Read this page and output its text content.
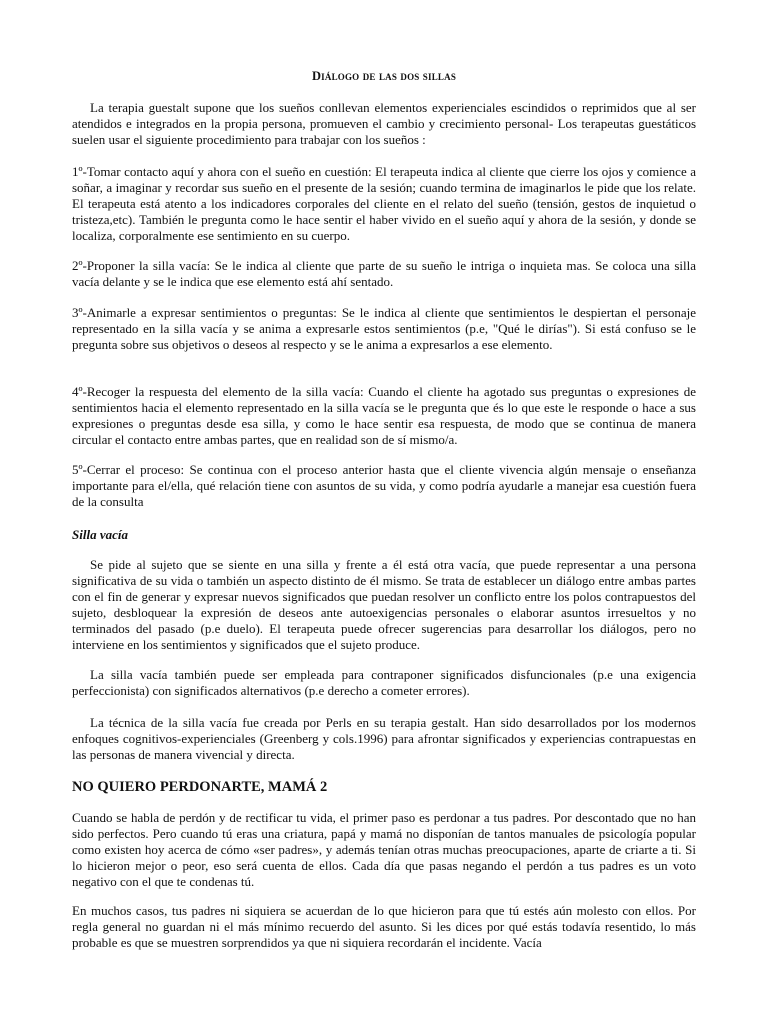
Diálogo de las dos sillas

La terapia guestalt supone que los sueños conllevan elementos experienciales escindidos o reprimidos que al ser atendidos e integrados en la propia persona, promueven el cambio y crecimiento personal- Los terapeutas guestáticos suelen usar el siguiente procedimiento para trabajar con los sueños :

1º-Tomar contacto aquí y ahora con el sueño en cuestión: El terapeuta indica al cliente que cierre los ojos y comience a soñar, a imaginar y recordar sus sueño en el presente de la sesión; cuando termina de imaginarlos le pide que los relate. El terapeuta está atento a los indicadores corporales del cliente en el relato del sueño (tensión, gestos de inquietud o tristeza,etc). También le pregunta como le hace sentir el haber vivido en el sueño aquí y ahora de la sesión, y donde se localiza, corporalmente ese sentimiento en su cuerpo.

2º-Proponer la silla vacía: Se le indica al cliente que parte de su sueño le intriga o inquieta mas. Se coloca una silla vacía delante y se le indica que ese elemento está ahí sentado.

3º-Animarle a expresar sentimientos o preguntas: Se le indica al cliente que sentimientos le despiertan el personaje representado en la silla vacía y se anima a expresarle estos sentimientos (p.e, "Qué le dirías"). Si está confuso se le pregunta sobre sus objetivos o deseos al respecto y se le anima a expresarlos a ese elemento.

4º-Recoger la respuesta del elemento de la silla vacía: Cuando el cliente ha agotado sus preguntas o expresiones de sentimientos hacia el elemento representado en la silla vacía se le pregunta que és lo que este le responde o hace a sus expresiones o preguntas desde esa silla, y como le hace sentir esa respuesta, de modo que se continua de manera circular el contacto entre ambas partes, que en realidad son de sí mismo/a.

5º-Cerrar el proceso: Se continua con el proceso anterior hasta que el cliente vivencia algún mensaje o enseñanza importante para el/ella, qué relación tiene con asuntos de su vida, y como podría ayudarle a manejar esa cuestión fuera de la consulta

Silla vacía

Se pide al sujeto que se siente en una silla y frente a él está otra vacía, que puede representar a una persona significativa de su vida o también un aspecto distinto de él mismo. Se trata de establecer un diálogo entre ambas partes con el fin de generar y expresar nuevos significados que puedan resolver un conflicto entre los polos contrapuestos del sujeto, desbloquear la expresión de deseos ante autoexigencias personales o elaborar asuntos irresueltos y no terminados del pasado (p.e duelo). El terapeuta puede ofrecer sugerencias para desarrollar los diálogos, pero no interviene en los sentimientos y significados que el sujeto produce.

La silla vacía también puede ser empleada para contraponer significados disfuncionales (p.e una exigencia perfeccionista) con significados alternativos (p.e derecho a cometer errores).

La técnica de la silla vacía fue creada por Perls en su terapia gestalt. Han sido desarrollados por los modernos enfoques cognitivos-experienciales (Greenberg y cols.1996) para afrontar significados y experiencias contrapuestas en las personas de manera vivencial y directa.

NO QUIERO PERDONARTE, MAMÁ 2

Cuando se habla de perdón y de rectificar tu vida, el primer paso es perdonar a tus padres. Por descontado que no han sido perfectos. Pero cuando tú eras una criatura, papá y mamá no disponían de tantos manuales de psicología popular como existen hoy acerca de cómo «ser padres», y además tenían otras muchas preocupaciones, aparte de criarte a ti. Si lo hicieron mejor o peor, eso será cuenta de ellos. Cada día que pasas negando el perdón a tus padres es un voto negativo con el que te condenas tú.

En muchos casos, tus padres ni siquiera se acuerdan de lo que hicieron para que tú estés aún molesto con ellos. Por regla general no guardan ni el más mínimo recuerdo del asunto. Si les dices por qué estás todavía resentido, lo más probable es que se muestren sorprendidos ya que ni siquiera recordarán el incidente. Vacía
